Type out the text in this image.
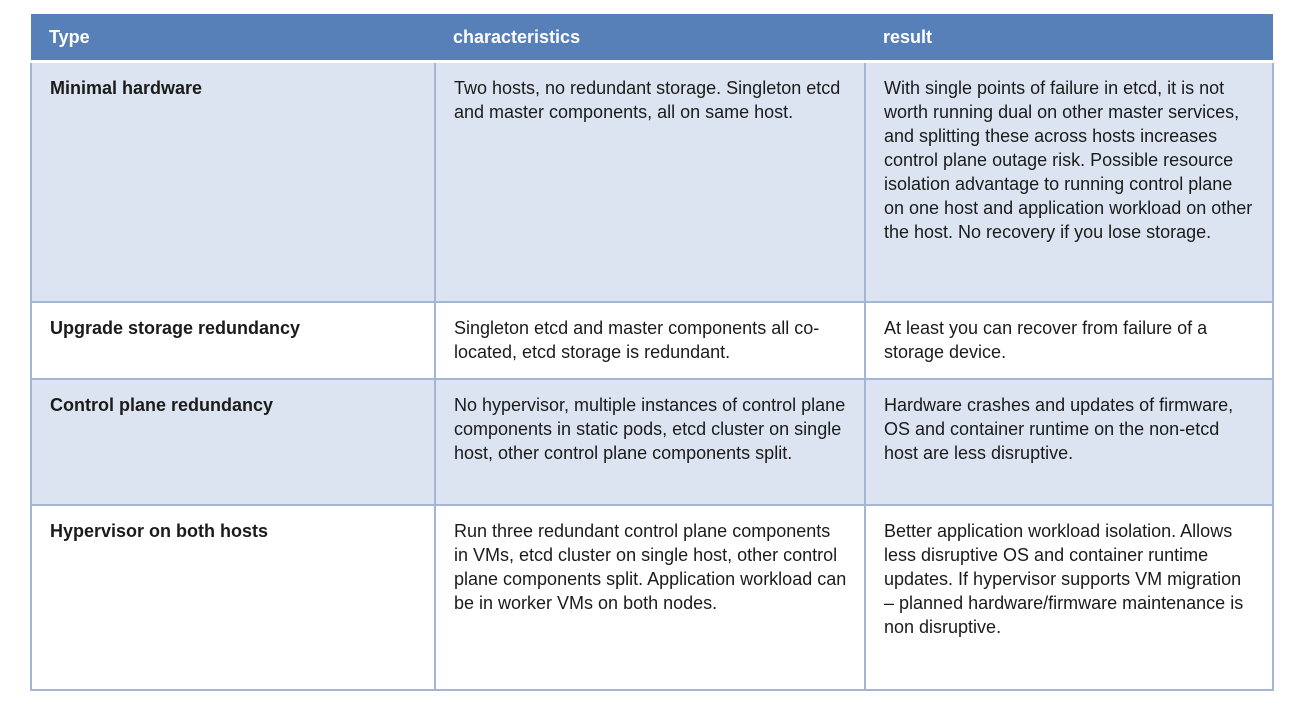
Type	characteristics	result
Minimal hardware	Two hosts, no redundant storage. Singleton etcd and master components, all on same host.	With single points of failure in etcd, it is not worth running dual on other master services, and splitting these across hosts increases control plane outage risk. Possible resource isolation advantage to running control plane on one host and application workload on other the host. No recovery if you lose storage.
Upgrade storage redundancy	Singleton etcd and master components all co-located, etcd storage is redundant.	At least you can recover from failure of a storage device.
Control plane redundancy	No hypervisor, multiple instances of control plane components in static pods, etcd cluster on single host, other control plane components split.	Hardware crashes and updates of firmware, OS and container runtime on the non-etcd host are less disruptive.
Hypervisor on both hosts	Run three redundant control plane components in VMs, etcd cluster on single host, other control plane components split. Application workload can be in worker VMs on both nodes.	Better application workload isolation. Allows less disruptive OS and container runtime updates. If hypervisor supports VM migration – planned hardware/firmware maintenance is non disruptive.
